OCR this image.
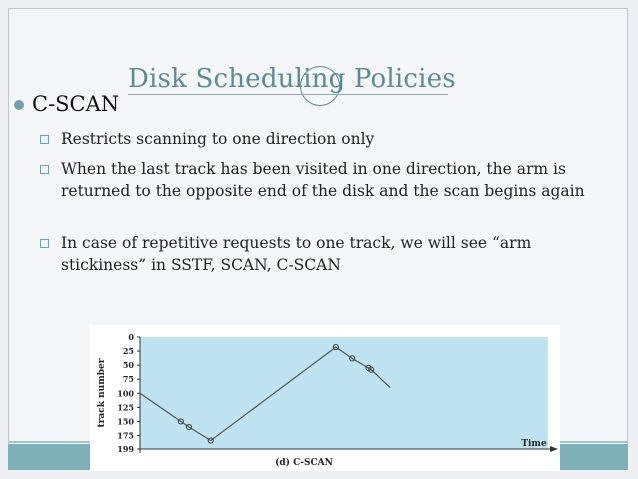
Disk Scheduling Policies
C-SCAN
Restricts scanning to one direction only
When the last track has been visited in one direction, the arm is returned to the opposite end of the disk and the scan begins again
In case of repetitive requests to one track, we will see “arm stickiness” in SSTF, SCAN, C-SCAN
0
25
50
75
100
125
150
175
199
track number
Time
(d) C-SCAN
